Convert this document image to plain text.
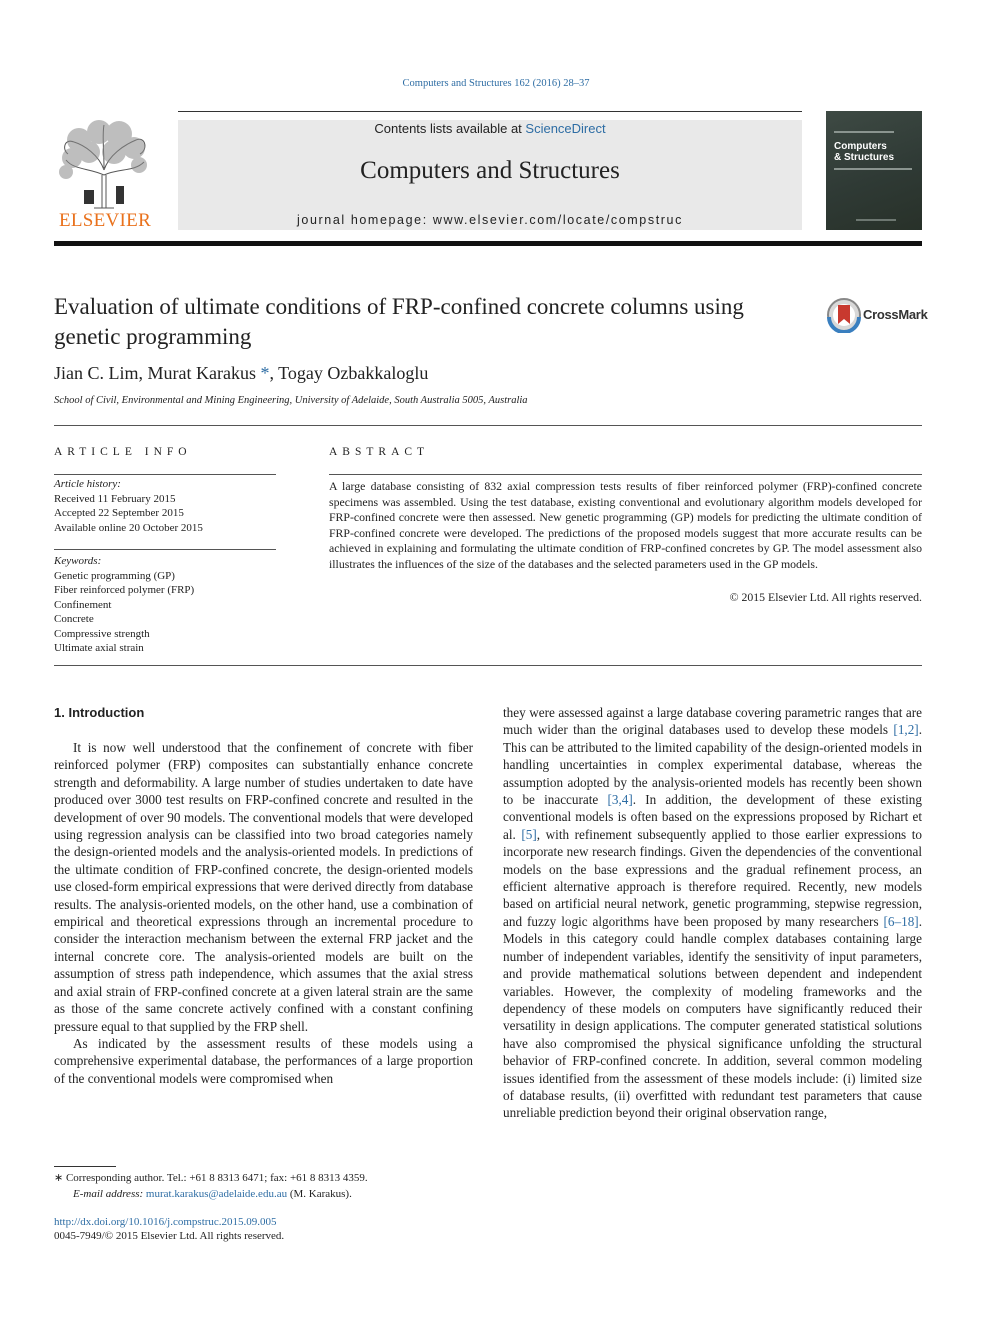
Computers and Structures 162 (2016) 28–37
ELSEVIER
Contents lists available at ScienceDirect
Computers and Structures
journal homepage: www.elsevier.com/locate/compstruc
Computers
& Structures
Evaluation of ultimate conditions of FRP-confined concrete columns using genetic programming
CrossMark
Jian C. Lim, Murat Karakus *, Togay Ozbakkaloglu
School of Civil, Environmental and Mining Engineering, University of Adelaide, South Australia 5005, Australia
ARTICLE INFO	ABSTRACT
Article history:
Received 11 February 2015
Accepted 22 September 2015
Available online 20 October 2015
Keywords:
Genetic programming (GP)
Fiber reinforced polymer (FRP)
Confinement
Concrete
Compressive strength
Ultimate axial strain
A large database consisting of 832 axial compression tests results of fiber reinforced polymer (FRP)-confined concrete specimens was assembled. Using the test database, existing conventional and evolutionary algorithm models developed for FRP-confined concrete were then assessed. New genetic programming (GP) models for predicting the ultimate condition of FRP-confined concrete were developed. The predictions of the proposed models suggest that more accurate results can be achieved in explaining and formulating the ultimate condition of FRP-confined concretes by GP. The model assessment also illustrates the influences of the size of the databases and the selected parameters used in the GP models.
© 2015 Elsevier Ltd. All rights reserved.
1. Introduction

It is now well understood that the confinement of concrete with fiber reinforced polymer (FRP) composites can substantially enhance concrete strength and deformability. A large number of studies undertaken to date have produced over 3000 test results on FRP-confined concrete and resulted in the development of over 90 models. The conventional models that were developed using regression analysis can be classified into two broad categories namely the design-oriented models and the analysis-oriented models. In predictions of the ultimate condition of FRP-confined concrete, the design-oriented models use closed-form empirical expressions that were derived directly from database results. The analysis-oriented models, on the other hand, use a combination of empirical and theoretical expressions through an incremental procedure to consider the interaction mechanism between the external FRP jacket and the internal concrete core. The analysis-oriented models are built on the assumption of stress path independence, which assumes that the axial stress and axial strain of FRP-confined concrete at a given lateral strain are the same as those of the same concrete actively confined with a constant confining pressure equal to that supplied by the FRP shell.

As indicated by the assessment results of these models using a comprehensive experimental database, the performances of a large proportion of the conventional models were compromised when

they were assessed against a large database covering parametric ranges that are much wider than the original databases used to develop these models [1,2]. This can be attributed to the limited capability of the design-oriented models in handling uncertainties in complex experimental database, whereas the assumption adopted by the analysis-oriented models has recently been shown to be inaccurate [3,4]. In addition, the development of these existing conventional models is often based on the expressions proposed by Richart et al. [5], with refinement subsequently applied to those earlier expressions to incorporate new research findings. Given the dependencies of the conventional models on the base expressions and the gradual refinement process, an efficient alternative approach is therefore required. Recently, new models based on artificial neural network, genetic programming, stepwise regression, and fuzzy logic algorithms have been proposed by many researchers [6–18]. Models in this category could handle complex databases containing large number of independent variables, identify the sensitivity of input parameters, and provide mathematical solutions between dependent and independent variables. However, the complexity of modeling frameworks and the dependency of these models on computers have significantly reduced their versatility in design applications. The computer generated statistical solutions have also compromised the physical significance unfolding the structural behavior of FRP-confined concrete. In addition, several common modeling issues identified from the assessment of these models include: (i) limited size of database results, (ii) overfitted with redundant test parameters that cause unreliable prediction beyond their original observation range,

∗ Corresponding author. Tel.: +61 8 8313 6471; fax: +61 8 8313 4359.
E-mail address: murat.karakus@adelaide.edu.au (M. Karakus).
http://dx.doi.org/10.1016/j.compstruc.2015.09.005
0045-7949/© 2015 Elsevier Ltd. All rights reserved.
